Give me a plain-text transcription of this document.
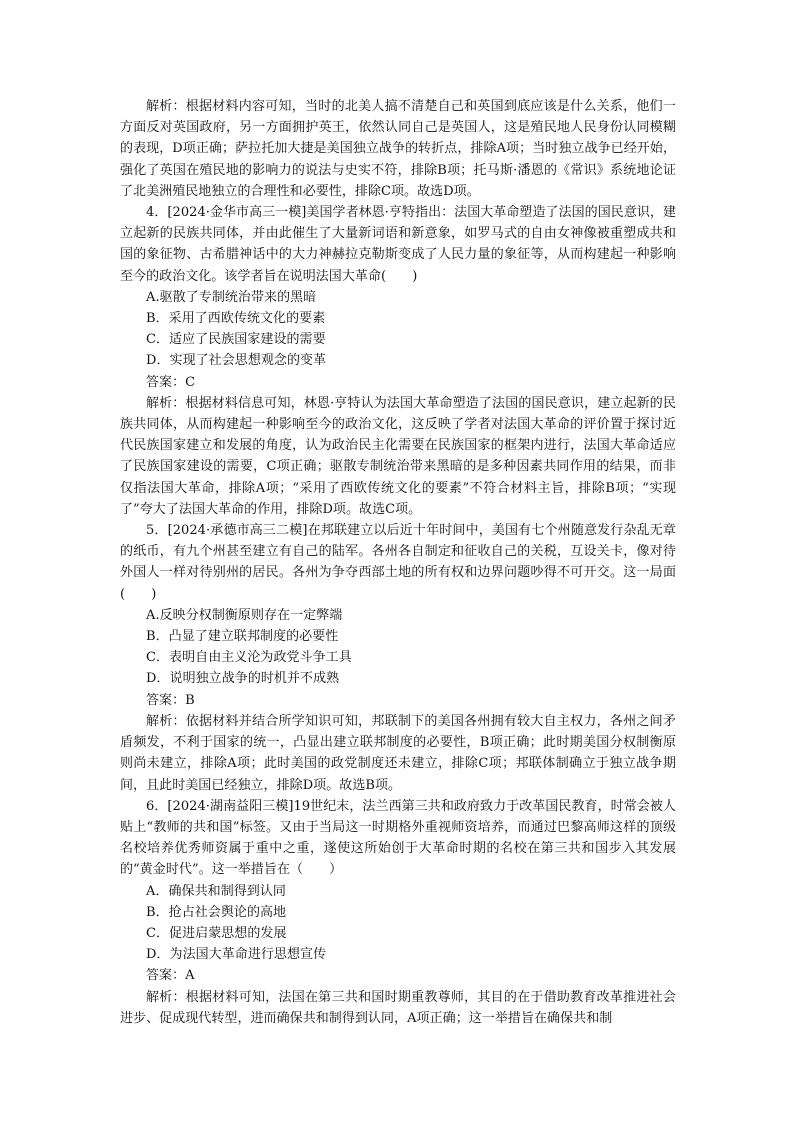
解析：根据材料内容可知，当时的北美人搞不清楚自己和英国到底应该是什么关系，他们一方面反对英国政府，另一方面拥护英王，依然认同自己是英国人，这是殖民地人民身份认同模糊的表现，D项正确；萨拉托加大捷是美国独立战争的转折点，排除A项；当时独立战争已经开始，强化了英国在殖民地的影响力的说法与史实不符，排除B项；托马斯·潘恩的《常识》系统地论证了北美洲殖民地独立的合理性和必要性，排除C项。故选D项。

4．[2024·金华市高三一模]美国学者林恩·亨特指出：法国大革命塑造了法国的国民意识，建立起新的民族共同体，并由此催生了大量新词语和新意象，如罗马式的自由女神像被重塑成共和国的象征物、古希腊神话中的大力神赫拉克勒斯变成了人民力量的象征等，从而构建起一种影响至今的政治文化。该学者旨在说明法国大革命(　　)

A.驱散了专制统治带来的黑暗

B．采用了西欧传统文化的要素

C．适应了民族国家建设的需要

D．实现了社会思想观念的变革

答案：C

解析：根据材料信息可知，林恩·亨特认为法国大革命塑造了法国的国民意识，建立起新的民族共同体，从而构建起一种影响至今的政治文化，这反映了学者对法国大革命的评价置于探讨近代民族国家建立和发展的角度，认为政治民主化需要在民族国家的框架内进行，法国大革命适应了民族国家建设的需要，C项正确；驱散专制统治带来黑暗的是多种因素共同作用的结果，而非仅指法国大革命，排除A项；“采用了西欧传统文化的要素”不符合材料主旨，排除B项；“实现了”夸大了法国大革命的作用，排除D项。故选C项。

5．[2024·承德市高三二模]在邦联建立以后近十年时间中，美国有七个州随意发行杂乱无章的纸币，有九个州甚至建立有自己的陆军。各州各自制定和征收自己的关税，互设关卡，像对待外国人一样对待别州的居民。各州为争夺西部土地的所有权和边界问题吵得不可开交。这一局面(　　)

A.反映分权制衡原则存在一定弊端

B．凸显了建立联邦制度的必要性

C．表明自由主义沦为政党斗争工具

D．说明独立战争的时机并不成熟

答案：B

解析：依据材料并结合所学知识可知，邦联制下的美国各州拥有较大自主权力，各州之间矛盾频发，不利于国家的统一，凸显出建立联邦制度的必要性，B项正确；此时期美国分权制衡原则尚未建立，排除A项；此时美国的政党制度还未建立，排除C项；邦联体制确立于独立战争期间，且此时美国已经独立，排除D项。故选B项。

6．[2024·湖南益阳三模]19世纪末，法兰西第三共和政府致力于改革国民教育，时常会被人贴上“教师的共和国”标签。又由于当局这一时期格外重视师资培养，而通过巴黎高师这样的顶级名校培养优秀师资属于重中之重，遂使这所始创于大革命时期的名校在第三共和国步入其发展的“黄金时代”。这一举措旨在（　　）

A．确保共和制得到认同

B．抢占社会舆论的高地

C．促进启蒙思想的发展

D．为法国大革命进行思想宣传

答案：A

解析：根据材料可知，法国在第三共和国时期重教尊师，其目的在于借助教育改革推进社会进步、促成现代转型，进而确保共和制得到认同，A项正确；这一举措旨在确保共和制
